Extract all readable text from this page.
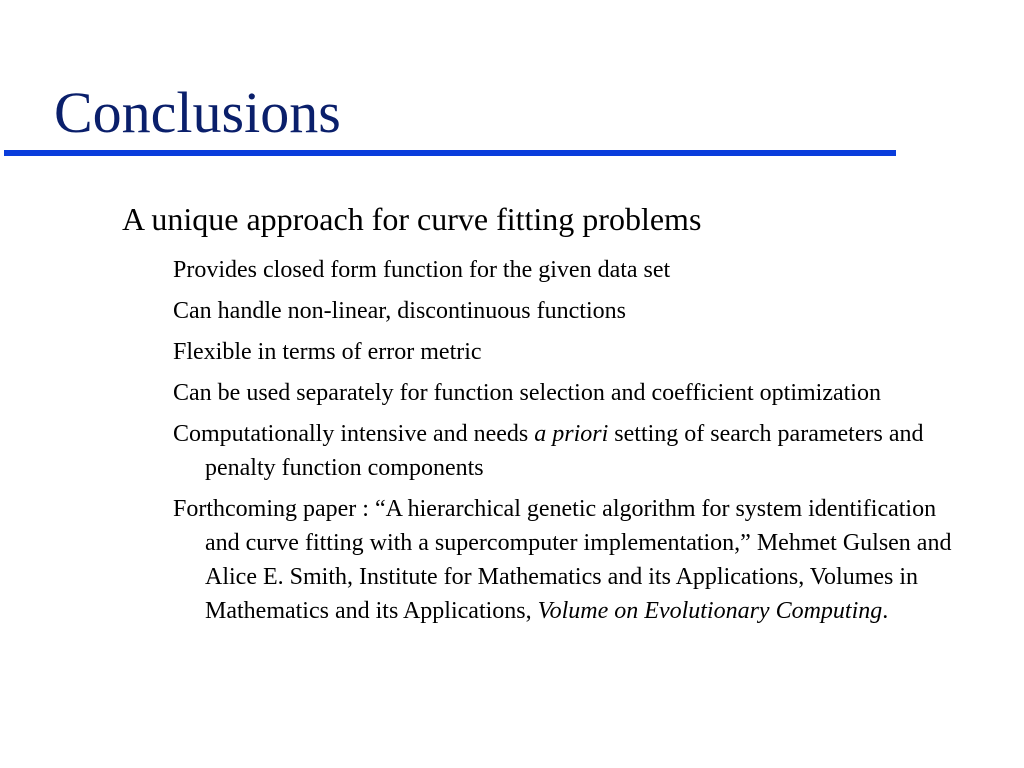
Conclusions
A unique approach for curve fitting problems
Provides closed form function for the given data set
Can handle non-linear, discontinuous functions
Flexible in terms of error metric
Can be used separately for function selection and coefficient optimization
Computationally intensive and needs a priori setting of search parameters and penalty function components
Forthcoming paper : “A hierarchical genetic algorithm for system identification and curve fitting with a supercomputer implementation,” Mehmet Gulsen and Alice E. Smith, Institute for Mathematics and its Applications, Volumes in Mathematics and its Applications, Volume on Evolutionary Computing.
